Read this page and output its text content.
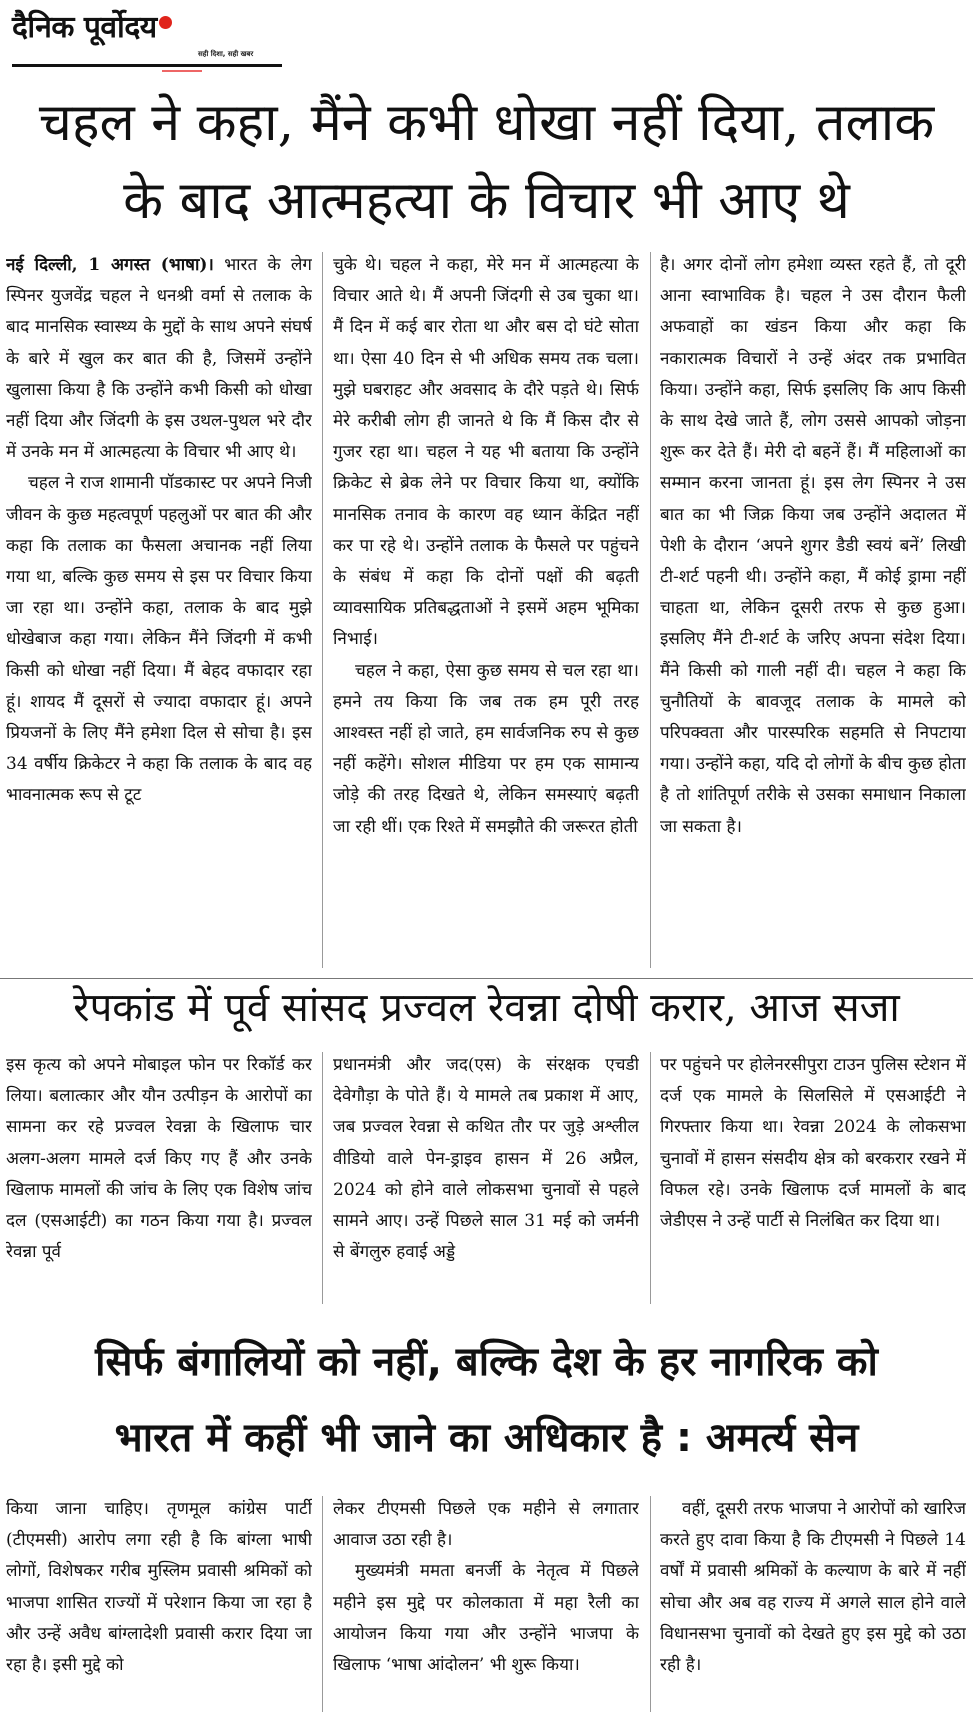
दैनिक पूर्वोदय
सही दिशा, सही खबर
चहल ने कहा, मैंने कभी धोखा नहीं दिया, तलाक
के बाद आत्महत्या के विचार भी आए थे

नई दिल्ली, 1 अगस्त (भाषा)। भारत के लेग स्पिनर युजवेंद्र चहल ने धनश्री वर्मा से तलाक के बाद मानसिक स्वास्थ्य के मुद्दों के साथ अपने संघर्ष के बारे में खुल कर बात की है, जिसमें उन्होंने खुलासा किया है कि उन्होंने कभी किसी को धोखा नहीं दिया और जिंदगी के इस उथल-पुथल भरे दौर में उनके मन में आत्महत्या के विचार भी आए थे।

चहल ने राज शामानी पॉडकास्ट पर अपने निजी जीवन के कुछ महत्वपूर्ण पहलुओं पर बात की और कहा कि तलाक का फैसला अचानक नहीं लिया गया था, बल्कि कुछ समय से इस पर विचार किया जा रहा था। उन्होंने कहा, तलाक के बाद मुझे धोखेबाज कहा गया। लेकिन मैंने जिंदगी में कभी किसी को धोखा नहीं दिया। मैं बेहद वफादार रहा हूं। शायद मैं दूसरों से ज्यादा वफादार हूं। अपने प्रियजनों के लिए मैंने हमेशा दिल से सोचा है। इस 34 वर्षीय क्रिकेटर ने कहा कि तलाक के बाद वह भावनात्मक रूप से टूट

चुके थे। चहल ने कहा, मेरे मन में आत्महत्या के विचार आते थे। मैं अपनी जिंदगी से उब चुका था। मैं दिन में कई बार रोता था और बस दो घंटे सोता था। ऐसा 40 दिन से भी अधिक समय तक चला। मुझे घबराहट और अवसाद के दौरे पड़ते थे। सिर्फ मेरे करीबी लोग ही जानते थे कि मैं किस दौर से गुजर रहा था। चहल ने यह भी बताया कि उन्होंने क्रिकेट से ब्रेक लेने पर विचार किया था, क्योंकि मानसिक तनाव के कारण वह ध्यान केंद्रित नहीं कर पा रहे थे। उन्होंने तलाक के फैसले पर पहुंचने के संबंध में कहा कि दोनों पक्षों की बढ़ती व्यावसायिक प्रतिबद्धताओं ने इसमें अहम भूमिका निभाई।

चहल ने कहा, ऐसा कुछ समय से चल रहा था। हमने तय किया कि जब तक हम पूरी तरह आश्वस्त नहीं हो जाते, हम सार्वजनिक रुप से कुछ नहीं कहेंगे। सोशल मीडिया पर हम एक सामान्य जोड़े की तरह दिखते थे, लेकिन समस्याएं बढ़ती जा रही थीं। एक रिश्ते में समझौते की जरूरत होती

है। अगर दोनों लोग हमेशा व्यस्त रहते हैं, तो दूरी आना स्वाभाविक है। चहल ने उस दौरान फैली अफवाहों का खंडन किया और कहा कि नकारात्मक विचारों ने उन्हें अंदर तक प्रभावित किया। उन्होंने कहा, सिर्फ इसलिए कि आप किसी के साथ देखे जाते हैं, लोग उससे आपको जोड़ना शुरू कर देते हैं। मेरी दो बहनें हैं। मैं महिलाओं का सम्मान करना जानता हूं। इस लेग स्पिनर ने उस बात का भी जिक्र किया जब उन्होंने अदालत में पेशी के दौरान ‘अपने शुगर डैडी स्वयं बनें’ लिखी टी-शर्ट पहनी थी। उन्होंने कहा, मैं कोई ड्रामा नहीं चाहता था, लेकिन दूसरी तरफ से कुछ हुआ। इसलिए मैंने टी-शर्ट के जरिए अपना संदेश दिया। मैंने किसी को गाली नहीं दी। चहल ने कहा कि चुनौतियों के बावजूद तलाक के मामले को परिपक्वता और पारस्परिक सहमति से निपटाया गया। उन्होंने कहा, यदि दो लोगों के बीच कुछ होता है तो शांतिपूर्ण तरीके से उसका समाधान निकाला जा सकता है।

रेपकांड में पूर्व सांसद प्रज्वल रेवन्ना दोषी करार, आज सजा

इस कृत्य को अपने मोबाइल फोन पर रिकॉर्ड कर लिया। बलात्कार और यौन उत्पीड़न के आरोपों का सामना कर रहे प्रज्वल रेवन्ना के खिलाफ चार अलग-अलग मामले दर्ज किए गए हैं और उनके खिलाफ मामलों की जांच के लिए एक विशेष जांच दल (एसआईटी) का गठन किया गया है। प्रज्वल रेवन्ना पूर्व

प्रधानमंत्री और जद(एस) के संरक्षक एचडी देवेगौड़ा के पोते हैं। ये मामले तब प्रकाश में आए, जब प्रज्वल रेवन्ना से कथित तौर पर जुड़े अश्लील वीडियो वाले पेन-ड्राइव हासन में 26 अप्रैल, 2024 को होने वाले लोकसभा चुनावों से पहले सामने आए। उन्हें पिछले साल 31 मई को जर्मनी से बेंगलुरु हवाई अड्डे

पर पहुंचने पर होलेनरसीपुरा टाउन पुलिस स्टेशन में दर्ज एक मामले के सिलसिले में एसआईटी ने गिरफ्तार किया था। रेवन्ना 2024 के लोकसभा चुनावों में हासन संसदीय क्षेत्र को बरकरार रखने में विफल रहे। उनके खिलाफ दर्ज मामलों के बाद जेडीएस ने उन्हें पार्टी से निलंबित कर दिया था।

सिर्फ बंगालियों को नहीं, बल्कि देश के हर नागरिक को
भारत में कहीं भी जाने का अधिकार है : अमर्त्य सेन

किया जाना चाहिए। तृणमूल कांग्रेस पार्टी (टीएमसी) आरोप लगा रही है कि बांग्ला भाषी लोगों, विशेषकर गरीब मुस्लिम प्रवासी श्रमिकों को भाजपा शासित राज्यों में परेशान किया जा रहा है और उन्हें अवैध बांग्लादेशी प्रवासी करार दिया जा रहा है। इसी मुद्दे को

लेकर टीएमसी पिछले एक महीने से लगातार आवाज उठा रही है।

मुख्यमंत्री ममता बनर्जी के नेतृत्व में पिछले महीने इस मुद्दे पर कोलकाता में महा रैली का आयोजन किया गया और उन्होंने भाजपा के खिलाफ ‘भाषा आंदोलन’ भी शुरू किया।

वहीं, दूसरी तरफ भाजपा ने आरोपों को खारिज करते हुए दावा किया है कि टीएमसी ने पिछले 14 वर्षों में प्रवासी श्रमिकों के कल्याण के बारे में नहीं सोचा और अब वह राज्य में अगले साल होने वाले विधानसभा चुनावों को देखते हुए इस मुद्दे को उठा रही है।
